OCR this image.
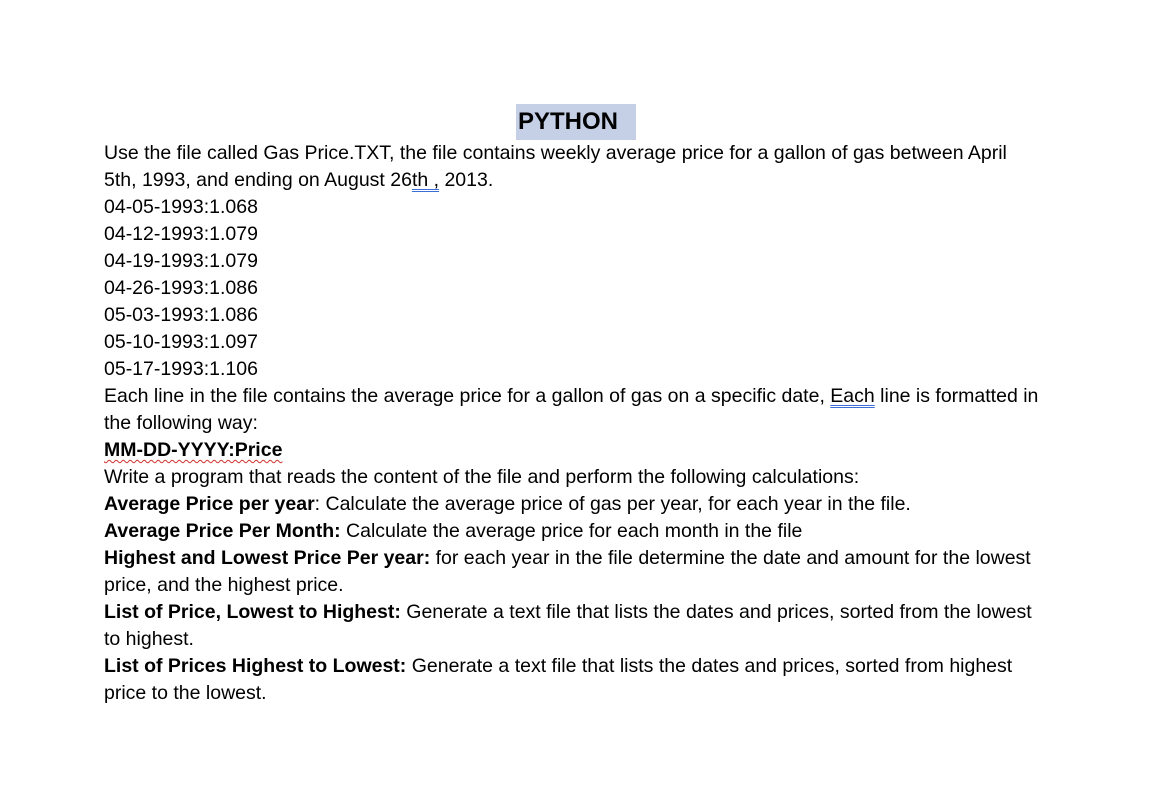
PYTHON

Use the file called Gas Price.TXT, the file contains weekly average price for a gallon of gas between April 5th, 1993, and ending on August 26th , 2013.

04-05-1993:1.068

04-12-1993:1.079

04-19-1993:1.079

04-26-1993:1.086

05-03-1993:1.086

05-10-1993:1.097

05-17-1993:1.106

Each line in the file contains the average price for a gallon of gas on a specific date, Each line is formatted in the following way:

MM-DD-YYYY:Price

Write a program that reads the content of the file and perform the following calculations:

Average Price per year: Calculate the average price of gas per year, for each year in the file.

Average Price Per Month: Calculate the average price for each month in the file

Highest and Lowest Price Per year: for each year in the file determine the date and amount for the lowest price, and the highest price.

List of Price, Lowest to Highest: Generate a text file that lists the dates and prices, sorted from the lowest to highest.

List of Prices Highest to Lowest: Generate a text file that lists the dates and prices, sorted from highest price to the lowest.
